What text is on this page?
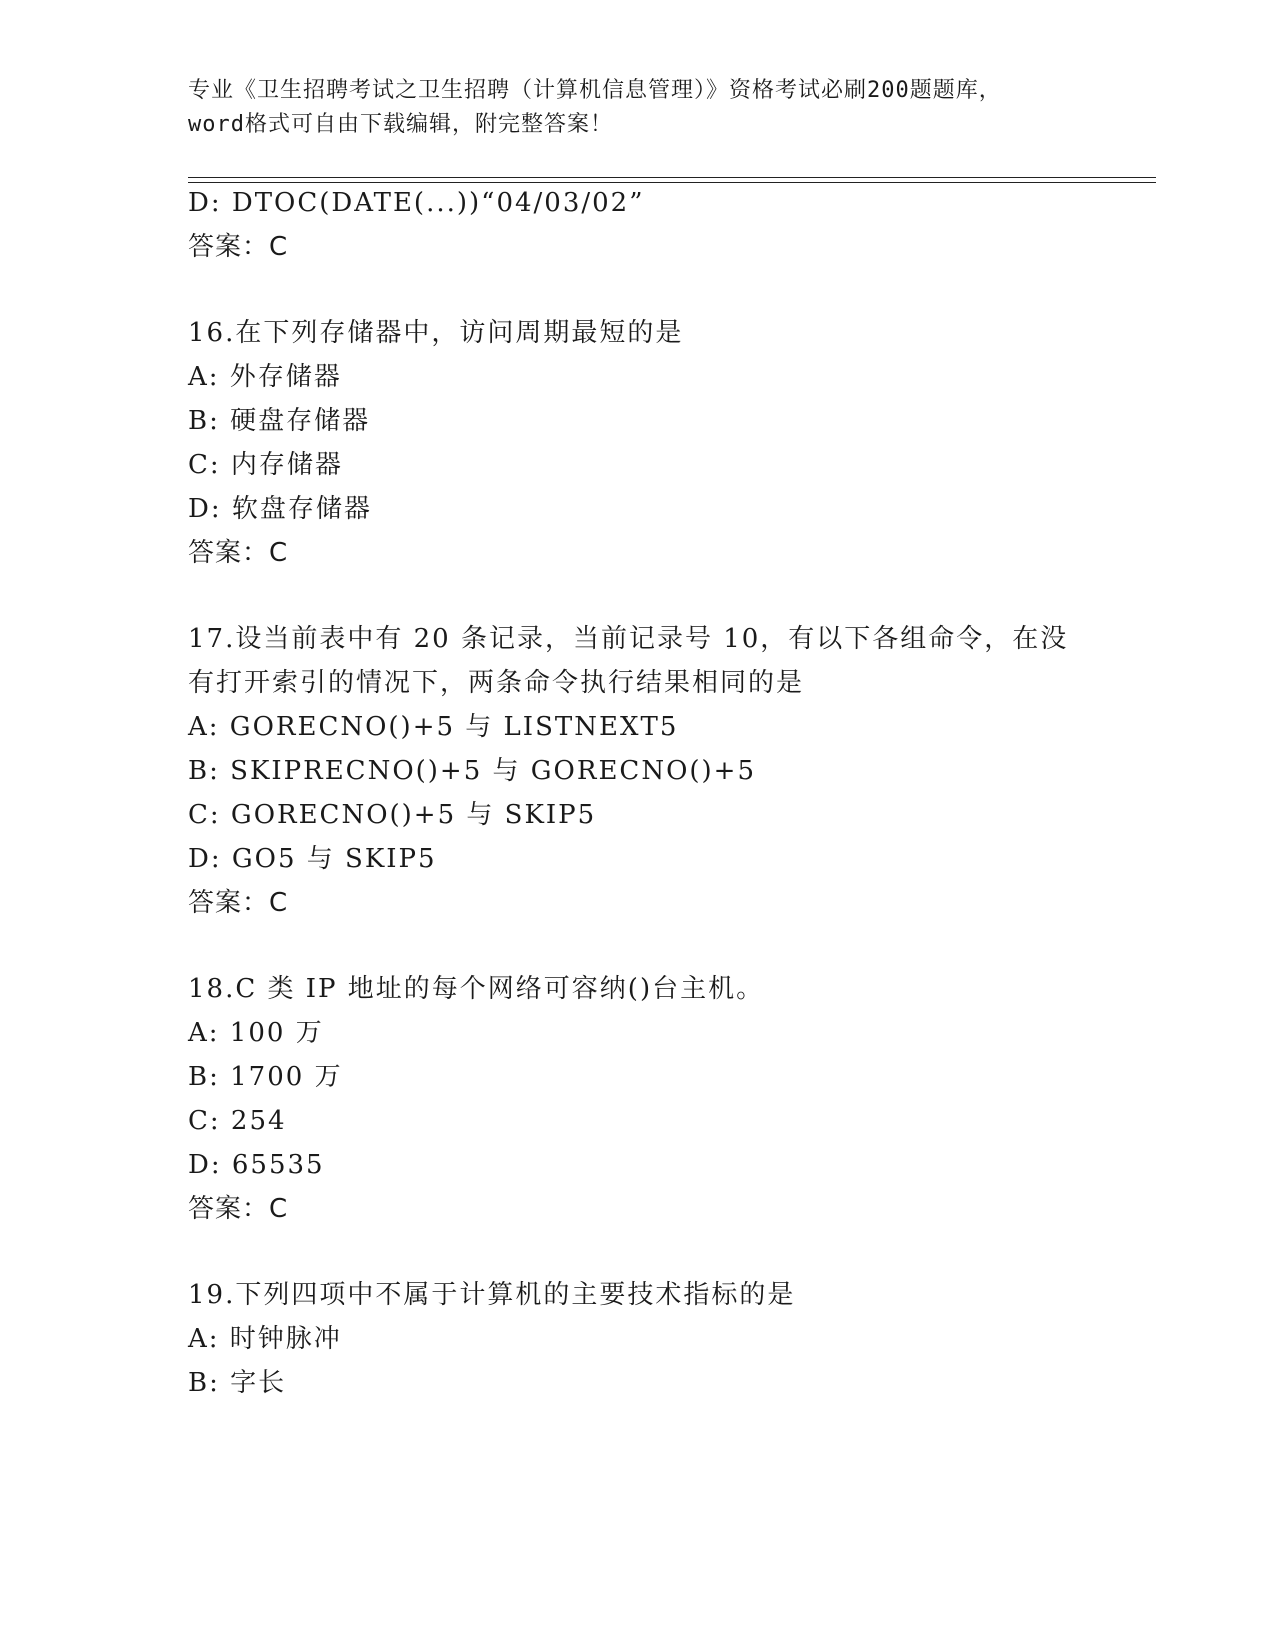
专业《卫生招聘考试之卫生招聘（计算机信息管理）》资格考试必刷200题题库，
word格式可自由下载编辑，附完整答案！
D: DTOC(DATE(...))“04/03/02”
答案：C
16.在下列存储器中，访问周期最短的是
A: 外存储器
B: 硬盘存储器
C: 内存储器
D: 软盘存储器
答案：C
17.设当前表中有 20 条记录，当前记录号 10，有以下各组命令，在没
有打开索引的情况下，两条命令执行结果相同的是
A: GORECNO()+5 与 LISTNEXT5
B: SKIPRECNO()+5 与 GORECNO()+5
C: GORECNO()+5 与 SKIP5
D: GO5 与 SKIP5
答案：C
18.C 类 IP 地址的每个网络可容纳()台主机。
A: 100 万
B: 1700 万
C: 254
D: 65535
答案：C
19.下列四项中不属于计算机的主要技术指标的是
A: 时钟脉冲
B: 字长
